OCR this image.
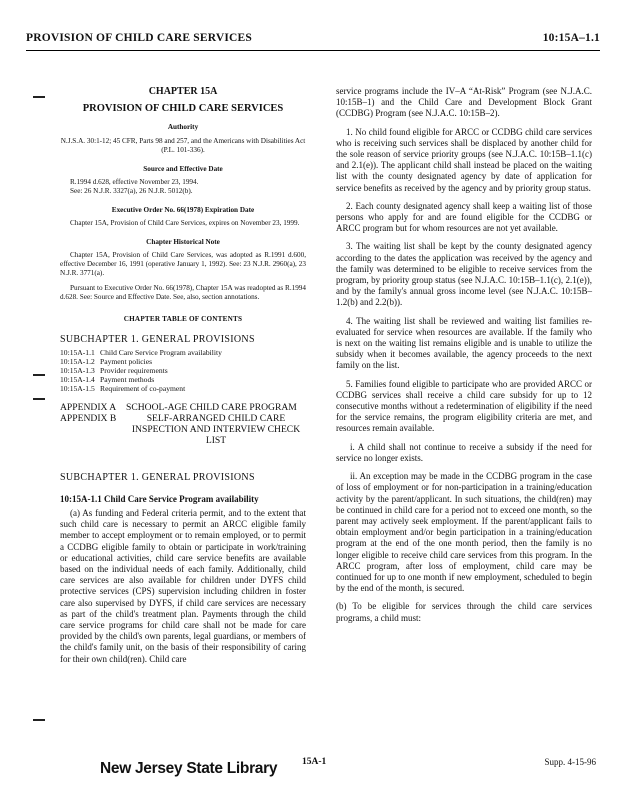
PROVISION OF CHILD CARE SERVICES	10:15A–1.1
CHAPTER 15A
PROVISION OF CHILD CARE SERVICES
Authority
N.J.S.A. 30:1-12; 45 CFR, Parts 98 and 257, and the Americans with Disabilities Act (P.L. 101-336).
Source and Effective Date
R.1994 d.628, effective November 23, 1994.
See: 26 N.J.R. 3327(a), 26 N.J.R. 5012(b).
Executive Order No. 66(1978) Expiration Date
Chapter 15A, Provision of Child Care Services, expires on November 23, 1999.
Chapter Historical Note
Chapter 15A, Provision of Child Care Services, was adopted as R.1991 d.600, effective December 16, 1991 (operative January 1, 1992). See: 23 N.J.R. 2960(a), 23 N.J.R. 3771(a).
Pursuant to Executive Order No. 66(1978), Chapter 15A was readopted as R.1994 d.628. See: Source and Effective Date. See, also, section annotations.
CHAPTER TABLE OF CONTENTS
SUBCHAPTER 1. GENERAL PROVISIONS
10:15A-1.1 Child Care Service Program availability
10:15A-1.2 Payment policies
10:15A-1.3 Provider requirements
10:15A-1.4 Payment methods
10:15A-1.5 Requirement of co-payment
APPENDIX A	SCHOOL-AGE CHILD CARE PROGRAM
APPENDIX B	SELF-ARRANGED CHILD CARE INSPECTION AND INTERVIEW CHECK LIST
SUBCHAPTER 1. GENERAL PROVISIONS
10:15A-1.1 Child Care Service Program availability

(a) As funding and Federal criteria permit, and to the extent that such child care is necessary to permit an ARCC eligible family member to accept employment or to remain employed, or to permit a CCDBG eligible family to obtain or participate in work/training or educational activities, child care service benefits are available based on the individual needs of each family. Additionally, child care services are also available for children under DYFS child protective services (CPS) supervision including children in foster care also supervised by DYFS, if child care services are necessary as part of the child's treatment plan. Payments through the child care service programs for child care shall not be made for care provided by the child's own parents, legal guardians, or members of the child's family unit, on the basis of their responsibility of caring for their own child(ren). Child care

service programs include the IV–A “At-Risk” Program (see N.J.A.C. 10:15B–1) and the Child Care and Development Block Grant (CCDBG) Program (see N.J.A.C. 10:15B–2).

1. No child found eligible for ARCC or CCDBG child care services who is receiving such services shall be displaced by another child for the sole reason of service priority groups (see N.J.A.C. 10:15B–1.1(c) and 2.1(e)). The applicant child shall instead be placed on the waiting list with the county designated agency by date of application for service benefits as received by the agency and by priority group status.

2. Each county designated agency shall keep a waiting list of those persons who apply for and are found eligible for the CCDBG or ARCC program but for whom resources are not yet available.

3. The waiting list shall be kept by the county designated agency according to the dates the application was received by the agency and the family was determined to be eligible to receive services from the program, by priority group status (see N.J.A.C. 10:15B–1.1(c), 2.1(e)), and by the family's annual gross income level (see N.J.A.C. 10:15B–1.2(b) and 2.2(b)).

4. The waiting list shall be reviewed and waiting list families re-evaluated for service when resources are available. If the family who is next on the waiting list remains eligible and is unable to utilize the subsidy when it becomes available, the agency proceeds to the next family on the list.

5. Families found eligible to participate who are provided ARCC or CCDBG services shall receive a child care subsidy for up to 12 consecutive months without a redetermination of eligibility if the need for the service remains, the program eligibility criteria are met, and resources remain available.

i. A child shall not continue to receive a subsidy if the need for service no longer exists.

ii. An exception may be made in the CCDBG program in the case of loss of employment or for non-participation in a training/education activity by the parent/applicant. In such situations, the child(ren) may be continued in child care for a period not to exceed one month, so the parent may actively seek employment. If the parent/applicant fails to obtain employment and/or begin participation in a training/education program at the end of the one month period, then the family is no longer eligible to receive child care services from this program. In the ARCC program, after loss of employment, child care may be continued for up to one month if new employment, scheduled to begin by the end of the month, is secured.

(b) To be eligible for services through the child care services programs, a child must:

New Jersey State Library	15A-1	Supp. 4-15-96
